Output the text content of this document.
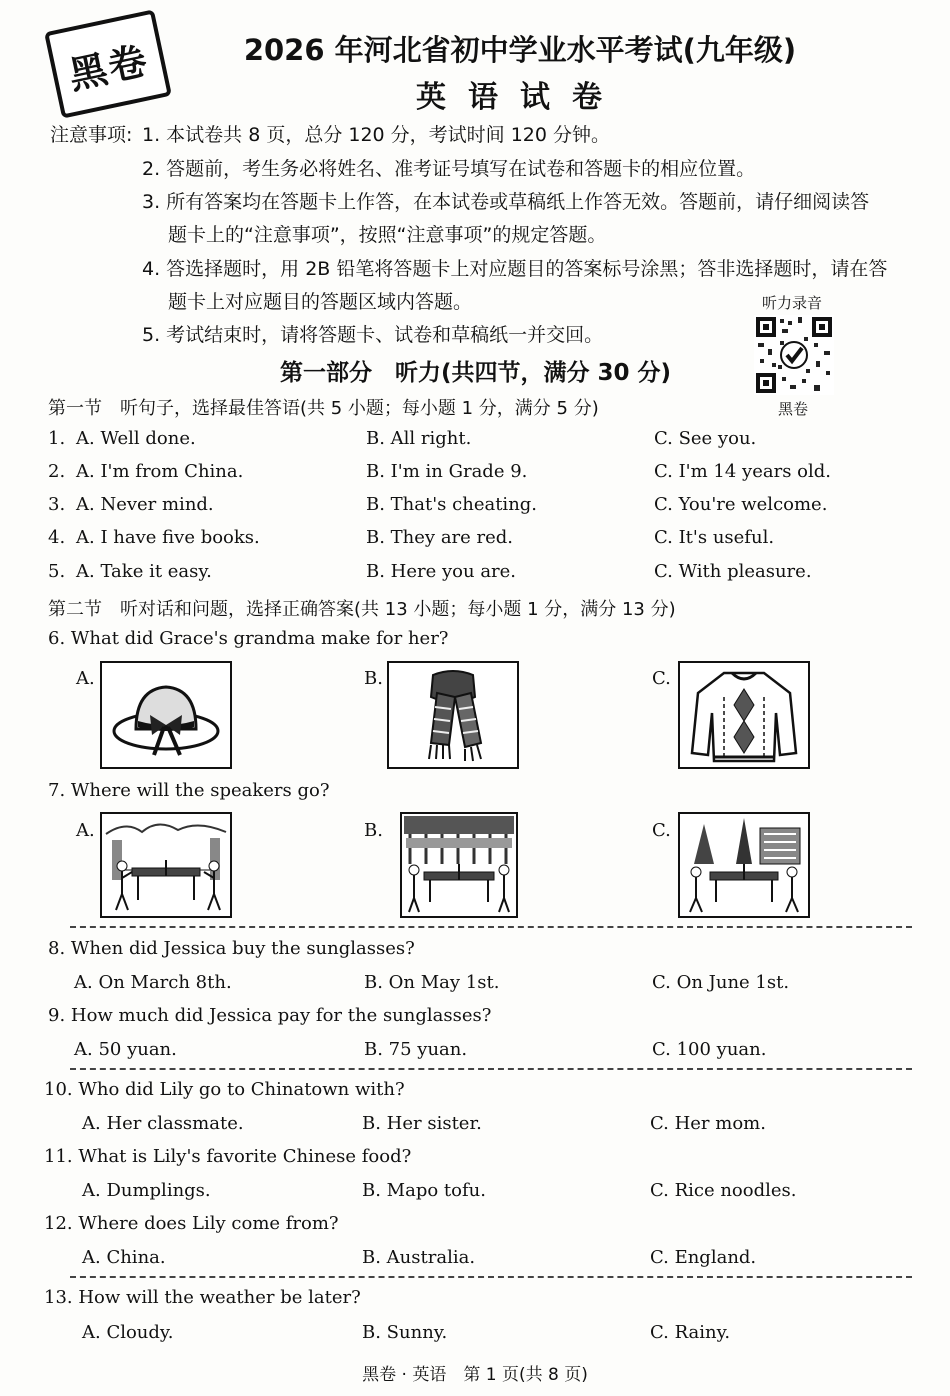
黑卷	2026 年河北省初中学业水平考试(九年级)
英语试卷
注意事项: 1. 本试卷共 8 页，总分 120 分，考试时间 120 分钟。
2. 答题前，考生务必将姓名、准考证号填写在试卷和答题卡的相应位置。
3. 所有答案均在答题卡上作答，在本试卷或草稿纸上作答无效。答题前，请仔细阅读答
题卡上的“注意事项”，按照“注意事项”的规定答题。
4. 答选择题时，用 2B 铅笔将答题卡上对应题目的答案标号涂黑；答非选择题时，请在答
题卡上对应题目的答题区域内答题。
5. 考试结束时，请将答题卡、试卷和草稿纸一并交回。
听力录音
黑卷
第一部分　听力(共四节，满分 30 分)
第一节　听句子，选择最佳答语(共 5 小题；每小题 1 分，满分 5 分)
1. A. Well done.	B. All right.	C. See you.
2. A. I'm from China.	B. I'm in Grade 9.	C. I'm 14 years old.
3. A. Never mind.	B. That's cheating.	C. You're welcome.
4. A. I have five books.	B. They are red.	C. It's useful.
5. A. Take it easy.	B. Here you are.	C. With pleasure.
第二节　听对话和问题，选择正确答案(共 13 小题；每小题 1 分，满分 13 分)
6. What did Grace's grandma make for her?
A.	B.	C.
7. Where will the speakers go?
A.	B.	C.
8. When did Jessica buy the sunglasses?
A. On March 8th.	B. On May 1st.	C. On June 1st.
9. How much did Jessica pay for the sunglasses?
A. 50 yuan.	B. 75 yuan.	C. 100 yuan.
10. Who did Lily go to Chinatown with?
A. Her classmate.	B. Her sister.	C. Her mom.
11. What is Lily's favorite Chinese food?
A. Dumplings.	B. Mapo tofu.	C. Rice noodles.
12. Where does Lily come from?
A. China.	B. Australia.	C. England.
13. How will the weather be later?
A. Cloudy.	B. Sunny.	C. Rainy.
黑卷 · 英语　第 1 页(共 8 页)
